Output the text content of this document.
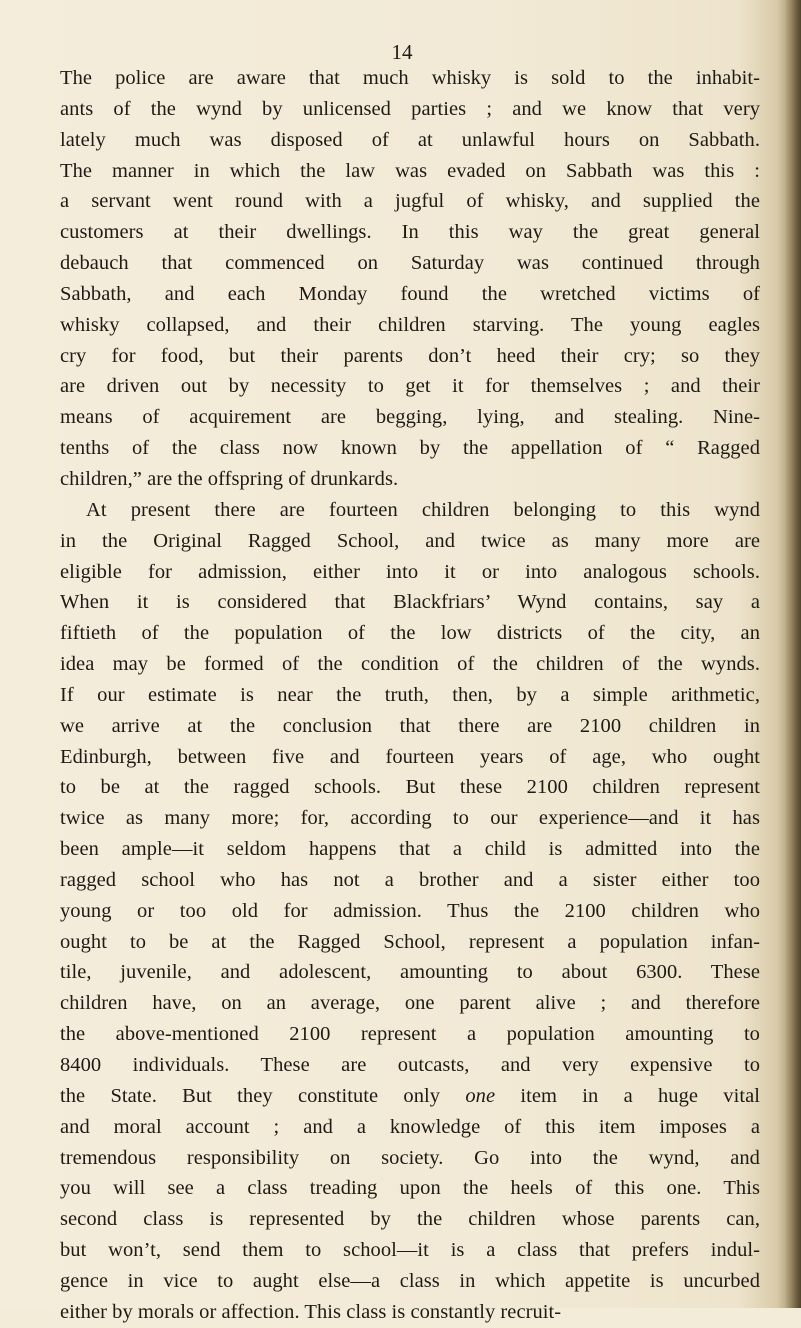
14
The police are aware that much whisky is sold to the inhabit-
ants of the wynd by unlicensed parties ; and we know that very
lately much was disposed of at unlawful hours on Sabbath.
The manner in which the law was evaded on Sabbath was this :
a servant went round with a jugful of whisky, and supplied the
customers at their dwellings. In this way the great general
debauch that commenced on Saturday was continued through
Sabbath, and each Monday found the wretched victims of
whisky collapsed, and their children starving. The young eagles
cry for food, but their parents don’t heed their cry; so they
are driven out by necessity to get it for themselves ; and their
means of acquirement are begging, lying, and stealing. Nine-
tenths of the class now known by the appellation of “ Ragged
children,” are the offspring of drunkards.
At present there are fourteen children belonging to this wynd
in the Original Ragged School, and twice as many more are
eligible for admission, either into it or into analogous schools.
When it is considered that Blackfriars’ Wynd contains, say a
fiftieth of the population of the low districts of the city, an
idea may be formed of the condition of the children of the wynds.
If our estimate is near the truth, then, by a simple arithmetic,
we arrive at the conclusion that there are 2100 children in
Edinburgh, between five and fourteen years of age, who ought
to be at the ragged schools. But these 2100 children represent
twice as many more; for, according to our experience—and it has
been ample—it seldom happens that a child is admitted into the
ragged school who has not a brother and a sister either too
young or too old for admission. Thus the 2100 children who
ought to be at the Ragged School, represent a population infan-
tile, juvenile, and adolescent, amounting to about 6300. These
children have, on an average, one parent alive ; and therefore
the above-mentioned 2100 represent a population amounting to
8400 individuals. These are outcasts, and very expensive to
the State. But they constitute only one item in a huge vital
and moral account ; and a knowledge of this item imposes a
tremendous responsibility on society. Go into the wynd, and
you will see a class treading upon the heels of this one. This
second class is represented by the children whose parents can,
but won’t, send them to school—it is a class that prefers indul-
gence in vice to aught else—a class in which appetite is uncurbed
either by morals or affection. This class is constantly recruit-
